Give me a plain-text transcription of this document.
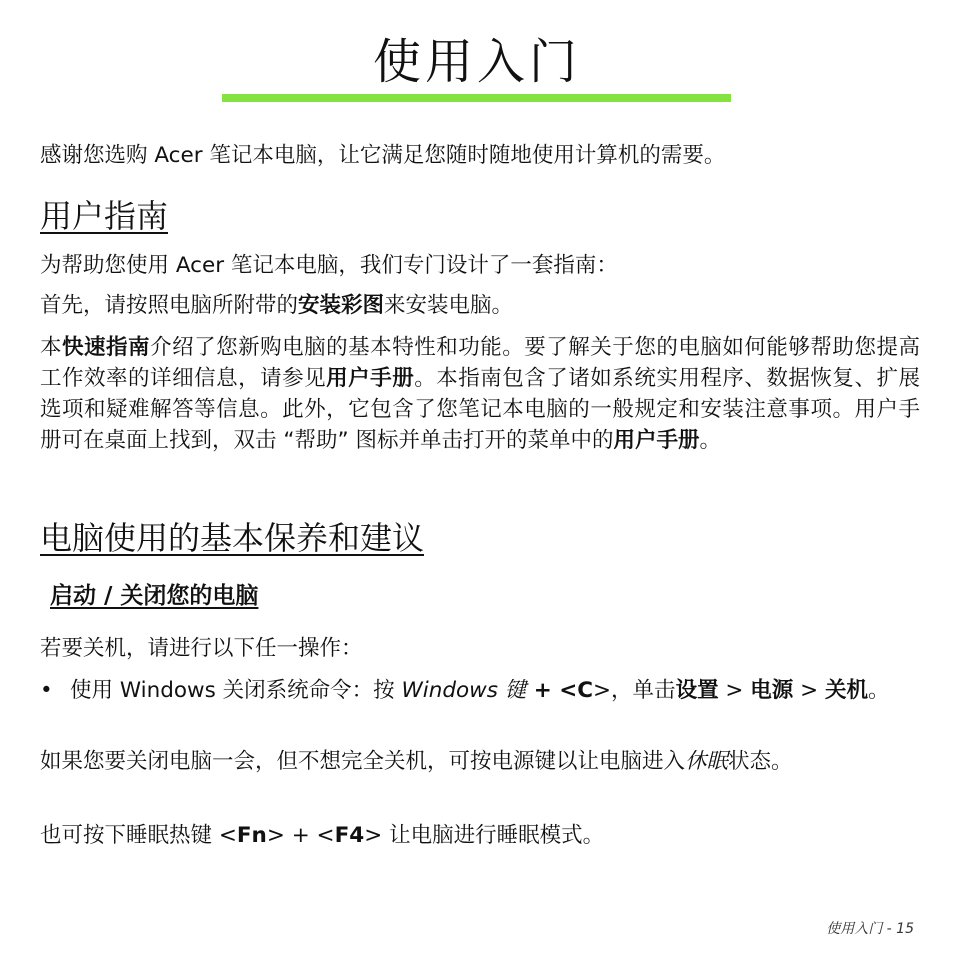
使用入门
感谢您选购 Acer 笔记本电脑，让它满足您随时随地使用计算机的需要。
用户指南
为帮助您使用 Acer 笔记本电脑，我们专门设计了一套指南：
首先，请按照电脑所附带的安装彩图来安装电脑。
本快速指南介绍了您新购电脑的基本特性和功能。要了解关于您的电脑如何能够帮助您提高工作效率的详细信息，请参见用户手册。本指南包含了诸如系统实用程序、数据恢复、扩展选项和疑难解答等信息。此外，它包含了您笔记本电脑的一般规定和安装注意事项。用户手册可在桌面上找到，双击 “帮助” 图标并单击打开的菜单中的用户手册。
电脑使用的基本保养和建议
启动 / 关闭您的电脑
若要关机，请进行以下任一操作：
• 使用 Windows 关闭系统命令：按 Windows 键 + <C>，单击设置 > 电源 > 关机。
如果您要关闭电脑一会，但不想完全关机，可按电源键以让电脑进入休眠状态。
也可按下睡眠热键 <Fn> + <F4> 让电脑进行睡眠模式。
使用入门 - 15
